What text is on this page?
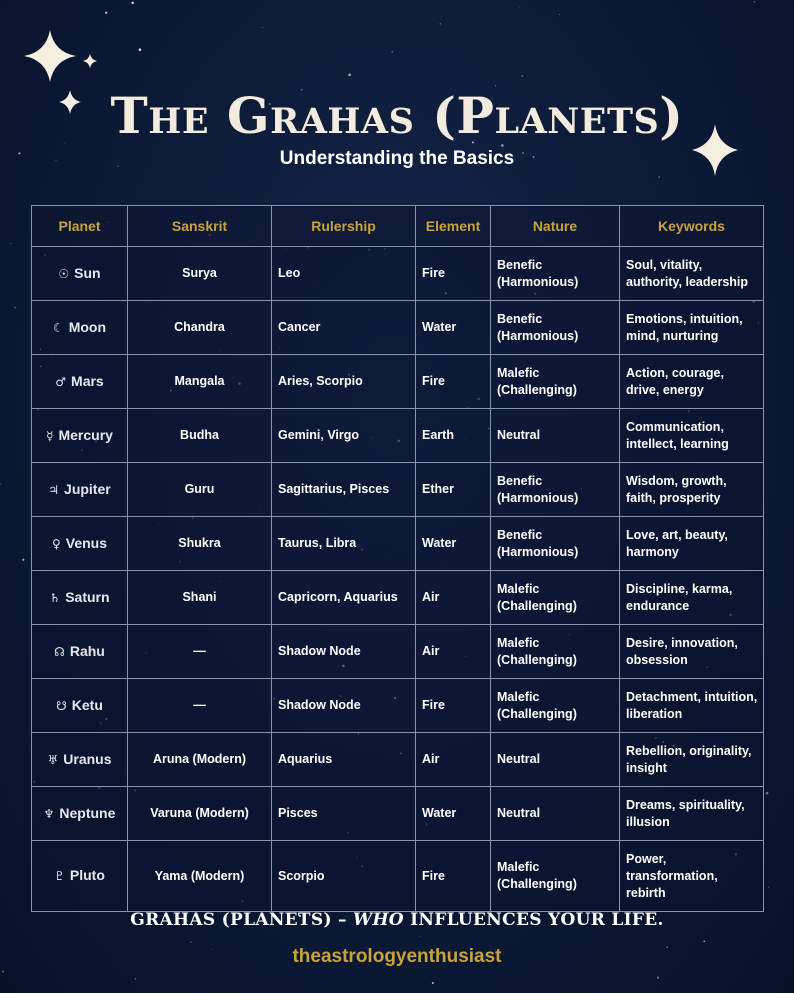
The Grahas (Planets)
Understanding the Basics
Planet	Sanskrit	Rulership	Element	Nature	Keywords
☉ Sun	Surya	Leo	Fire	Benefic (Harmonious)	Soul, vitality, authority, leadership
☾ Moon	Chandra	Cancer	Water	Benefic (Harmonious)	Emotions, intuition, mind, nurturing
♂ Mars	Mangala	Aries, Scorpio	Fire	Malefic (Challenging)	Action, courage, drive, energy
☿ Mercury	Budha	Gemini, Virgo	Earth	Neutral	Communication, intellect, learning
♃ Jupiter	Guru	Sagittarius, Pisces	Ether	Benefic (Harmonious)	Wisdom, growth, faith, prosperity
♀ Venus	Shukra	Taurus, Libra	Water	Benefic (Harmonious)	Love, art, beauty, harmony
♄ Saturn	Shani	Capricorn, Aquarius	Air	Malefic (Challenging)	Discipline, karma, endurance
☊ Rahu	—	Shadow Node	Air	Malefic (Challenging)	Desire, innovation, obsession
☋ Ketu	—	Shadow Node	Fire	Malefic (Challenging)	Detachment, intuition, liberation
♅ Uranus	Aruna (Modern)	Aquarius	Air	Neutral	Rebellion, originality, insight
♆ Neptune	Varuna (Modern)	Pisces	Water	Neutral	Dreams, spirituality, illusion
♇ Pluto	Yama (Modern)	Scorpio	Fire	Malefic (Challenging)	Power, transformation, rebirth
GRAHAS (PLANETS) – WHO INFLUENCES YOUR LIFE.
theastrologyenthusiast
